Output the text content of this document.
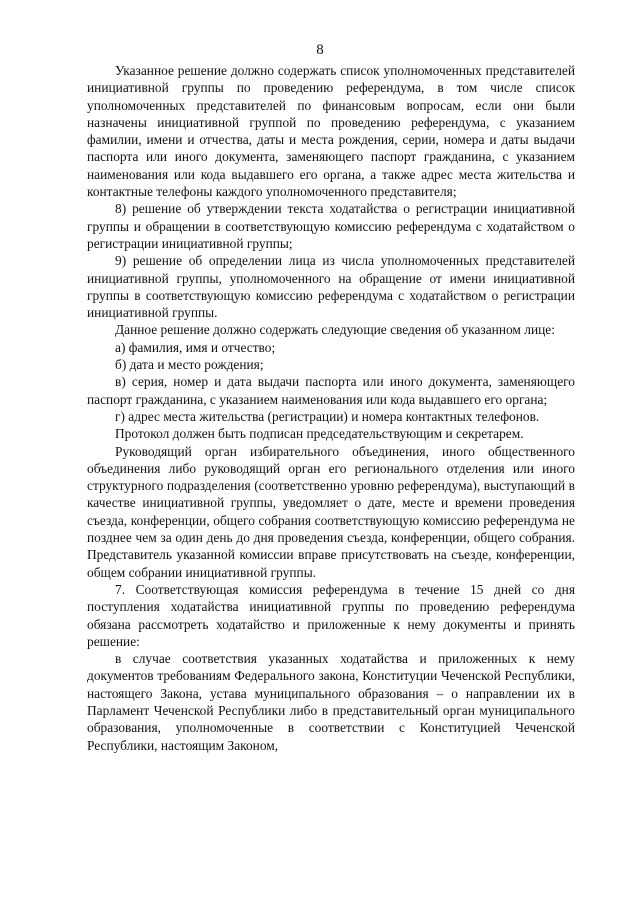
8

Указанное решение должно содержать список уполномоченных представителей инициативной группы по проведению референдума, в том числе список уполномоченных представителей по финансовым вопросам, если они были назначены инициативной группой по проведению референдума, с указанием фамилии, имени и отчества, даты и места рождения, серии, номера и даты выдачи паспорта или иного документа, заменяющего паспорт гражданина, с указанием наименования или кода выдавшего его органа, а также адрес места жительства и контактные телефоны каждого уполномоченного представителя;

8) решение об утверждении текста ходатайства о регистрации инициативной группы и обращении в соответствующую комиссию референдума с ходатайством о регистрации инициативной группы;

9) решение об определении лица из числа уполномоченных представителей инициативной группы, уполномоченного на обращение от имени инициативной группы в соответствующую комиссию референдума с ходатайством о регистрации инициативной группы.

Данное решение должно содержать следующие сведения об указанном лице:

а) фамилия, имя и отчество;

б) дата и место рождения;

в) серия, номер и дата выдачи паспорта или иного документа, заменяющего паспорт гражданина, с указанием наименования или кода выдавшего его органа;

г) адрес места жительства (регистрации) и номера контактных телефонов.

Протокол должен быть подписан председательствующим и секретарем.

Руководящий орган избирательного объединения, иного общественного объединения либо руководящий орган его регионального отделения или иного структурного подразделения (соответственно уровню референдума), выступающий в качестве инициативной группы, уведомляет о дате, месте и времени проведения съезда, конференции, общего собрания соответствующую комиссию референдума не позднее чем за один день до дня проведения съезда, конференции, общего собрания. Представитель указанной комиссии вправе присутствовать на съезде, конференции, общем собрании инициативной группы.

7. Соответствующая комиссия референдума в течение 15 дней со дня поступления ходатайства инициативной группы по проведению референдума обязана рассмотреть ходатайство и приложенные к нему документы и принять решение:

в случае соответствия указанных ходатайства и приложенных к нему документов требованиям Федерального закона, Конституции Чеченской Республики, настоящего Закона, устава муниципального образования – о направлении их в Парламент Чеченской Республики либо в представительный орган муниципального образования, уполномоченные в соответствии с Конституцией Чеченской Республики, настоящим Законом,
